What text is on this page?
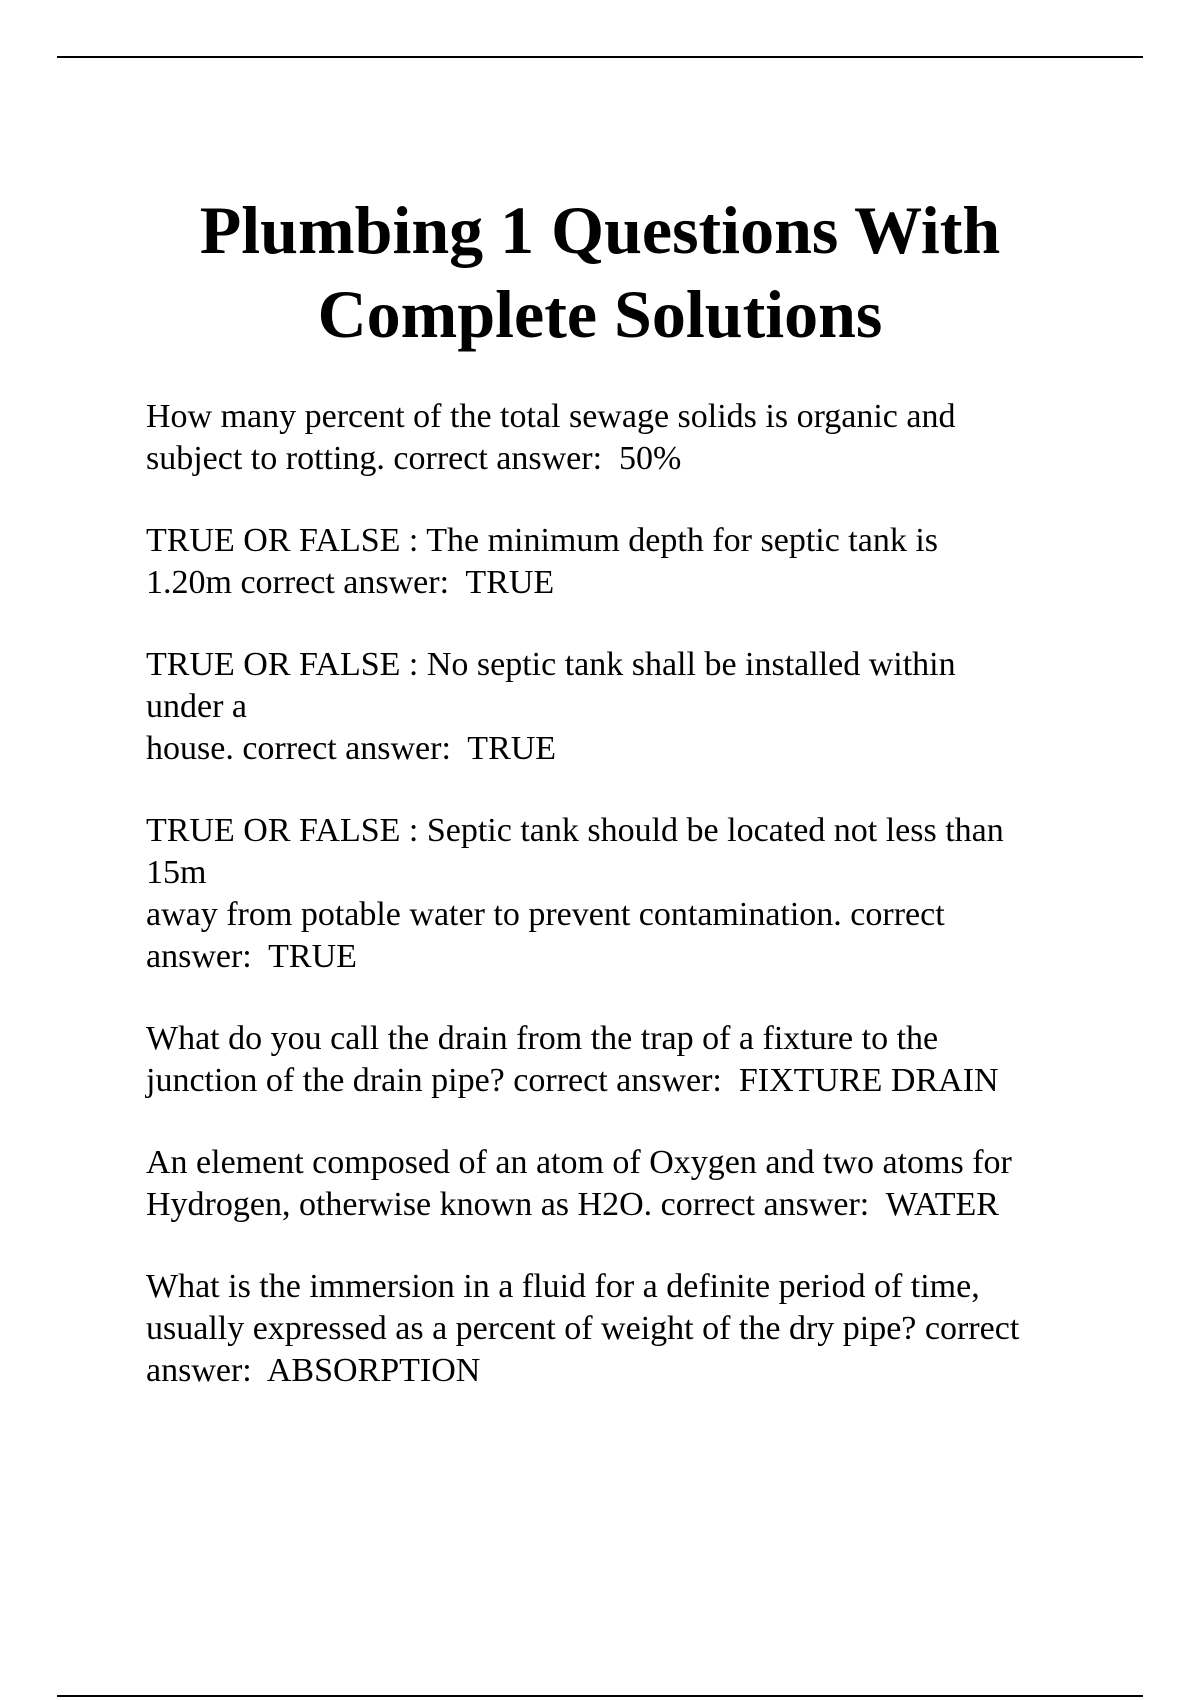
Plumbing 1 Questions With
Complete Solutions

How many percent of the total sewage solids is organic and
subject to rotting. correct answer:  50%

TRUE OR FALSE : The minimum depth for septic tank is
1.20m correct answer:  TRUE

TRUE OR FALSE : No septic tank shall be installed within
under a
house. correct answer:  TRUE

TRUE OR FALSE : Septic tank should be located not less than
15m
away from potable water to prevent contamination. correct
answer:  TRUE

What do you call the drain from the trap of a fixture to the
junction of the drain pipe? correct answer:  FIXTURE DRAIN

An element composed of an atom of Oxygen and two atoms for
Hydrogen, otherwise known as H2O. correct answer:  WATER

What is the immersion in a fluid for a definite period of time,
usually expressed as a percent of weight of the dry pipe? correct
answer:  ABSORPTION
